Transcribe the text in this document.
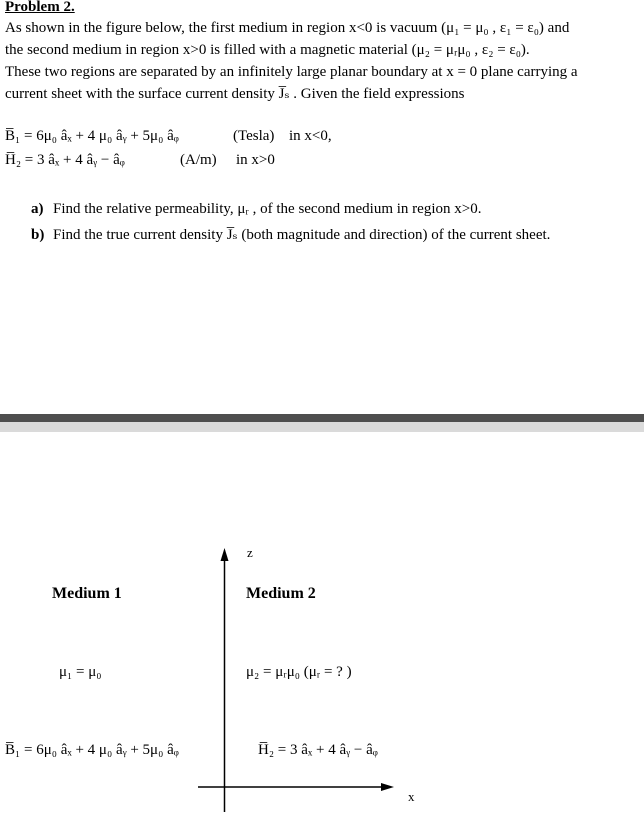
Problem 2.
As shown in the figure below, the first medium in region x<0 is vacuum (μ₁ = μ₀ , ε₁ = ε₀) and
the second medium in region x>0 is filled with a magnetic material (μ₂ = μᵣμ₀ , ε₂ = ε₀).
These two regions are separated by an infinitely large planar boundary at x = 0 plane carrying a
current sheet with the surface current density J̅ₛ . Given the field expressions
B̅₁ = 6μ₀ âₓ + 4 μ₀ âᵧ + 5μ₀ âᵩ	(Tesla) in x<0,
H̅₂ = 3 âₓ + 4 âᵧ − âᵩ	(A/m) in x>0
a) Find the relative permeability, μᵣ , of the second medium in region x>0.
b) Find the true current density J̅ₛ (both magnitude and direction) of the current sheet.
z
x
Medium 1	Medium 2
μ₁ = μ₀	μ₂ = μᵣμ₀ (μᵣ = ? )
B̅₁ = 6μ₀ âₓ + 4 μ₀ âᵧ + 5μ₀ âᵩ	H̅₂ = 3 âₓ + 4 âᵧ − âᵩ
